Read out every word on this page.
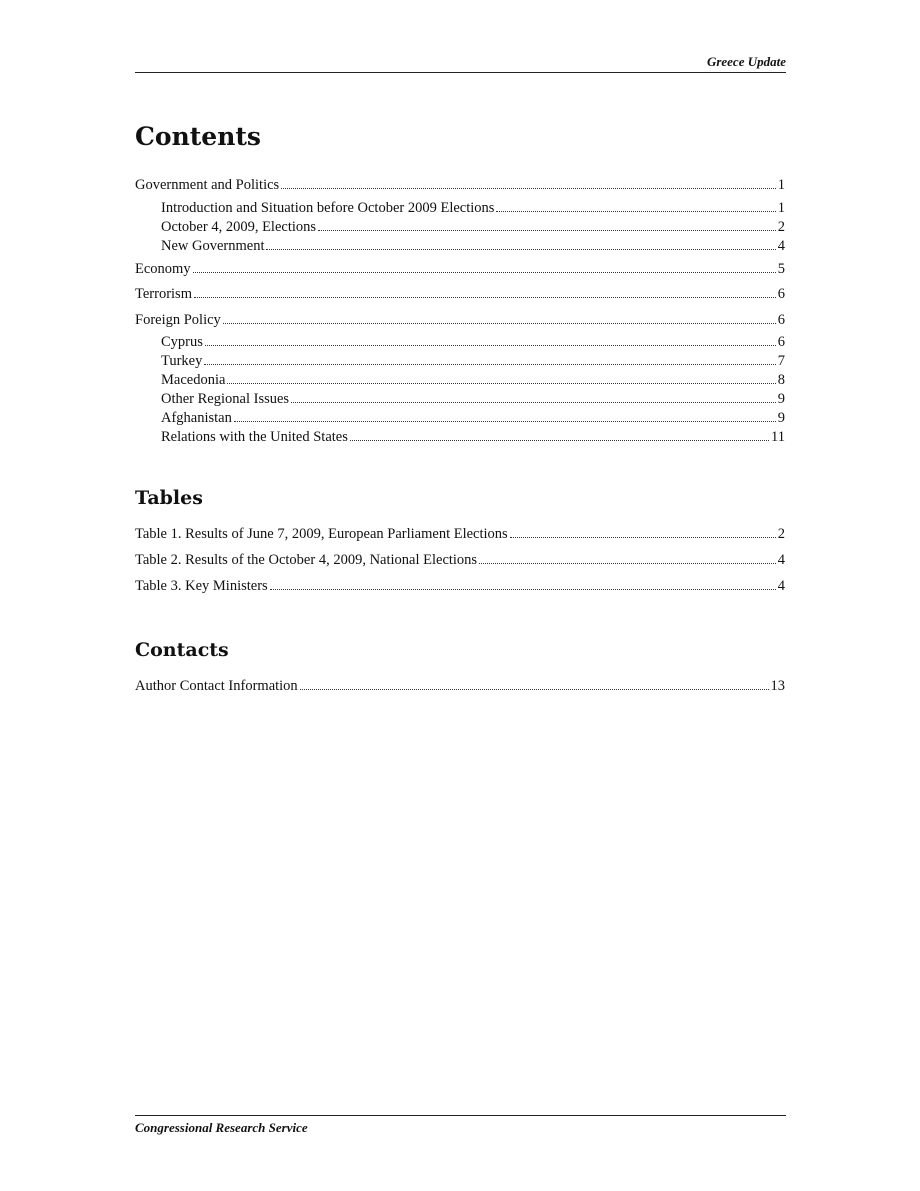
Greece Update
Contents
Government and Politics	1
Introduction and Situation before October 2009 Elections	1
October 4, 2009, Elections	2
New Government	4
Economy	5
Terrorism	6
Foreign Policy	6
Cyprus	6
Turkey	7
Macedonia	8
Other Regional Issues	9
Afghanistan	9
Relations with the United States	11
Tables
Table 1. Results of June 7, 2009, European Parliament Elections	2
Table 2. Results of the October 4, 2009, National Elections	4
Table 3. Key Ministers	4
Contacts
Author Contact Information	13
Congressional Research Service
